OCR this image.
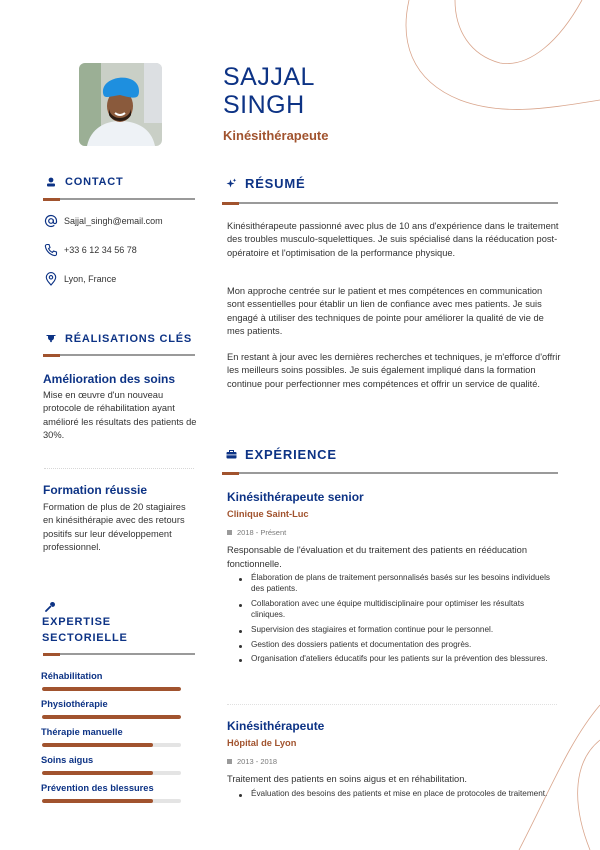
SAJJAL
SINGH
Kinésithérapeute
CONTACT
Sajjal_singh@email.com
+33 6 12 34 56 78
Lyon, France
RÉALISATIONS CLÉS
Amélioration des soins
Mise en œuvre d'un nouveau protocole de réhabilitation ayant amélioré les résultats des patients de 30%.
Formation réussie
Formation de plus de 20 stagiaires en kinésithérapie avec des retours positifs sur leur développement professionnel.
EXPERTISE
SECTORIELLE
Réhabilitation
Physiothérapie
Thérapie manuelle
Soins aigus
Prévention des blessures
RÉSUMÉ
Kinésithérapeute passionné avec plus de 10 ans d'expérience dans le traitement des troubles musculo-squelettiques. Je suis spécialisé dans la rééducation post-opératoire et l'optimisation de la performance physique.
Mon approche centrée sur le patient et mes compétences en communication sont essentielles pour établir un lien de confiance avec mes patients. Je suis engagé à utiliser des techniques de pointe pour améliorer la qualité de vie de mes patients.
En restant à jour avec les dernières recherches et techniques, je m'efforce d'offrir les meilleurs soins possibles. Je suis également impliqué dans la formation continue pour perfectionner mes compétences et offrir un service de qualité.
EXPÉRIENCE
Kinésithérapeute senior
Clinique Saint-Luc
2018 - Présent
Responsable de l'évaluation et du traitement des patients en rééducation fonctionnelle.
Élaboration de plans de traitement personnalisés basés sur les besoins individuels des patients.
Collaboration avec une équipe multidisciplinaire pour optimiser les résultats cliniques.
Supervision des stagiaires et formation continue pour le personnel.
Gestion des dossiers patients et documentation des progrès.
Organisation d'ateliers éducatifs pour les patients sur la prévention des blessures.
Kinésithérapeute
Hôpital de Lyon
2013 - 2018
Traitement des patients en soins aigus et en réhabilitation.
Évaluation des besoins des patients et mise en place de protocoles de traitement.
